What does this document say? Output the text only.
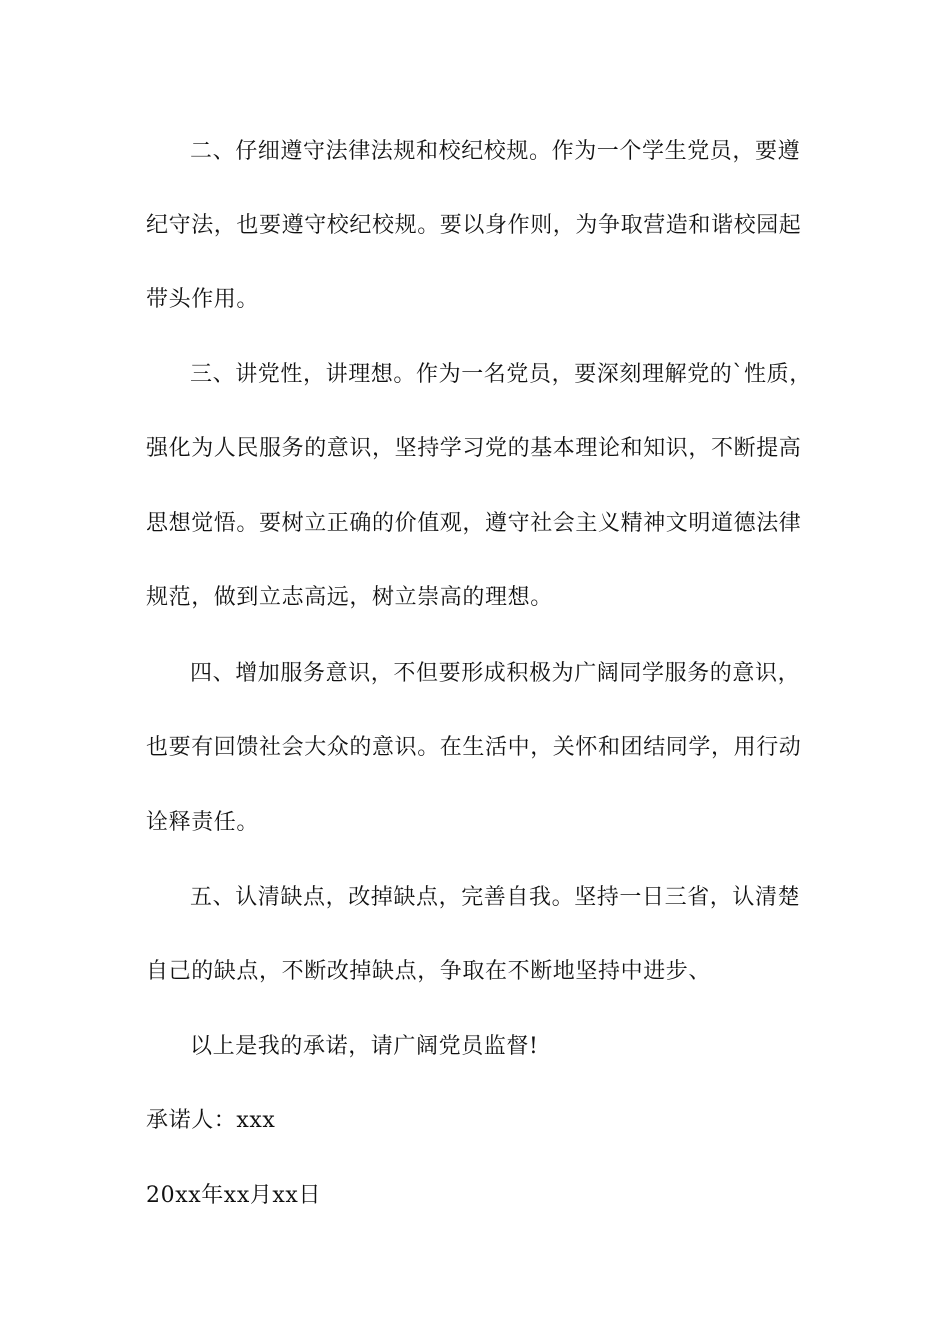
二、仔细遵守法律法规和校纪校规。作为一个学生党员，要遵
纪守法，也要遵守校纪校规。要以身作则，为争取营造和谐校园起
带头作用。
三、讲党性，讲理想。作为一名党员，要深刻理解党的`性质，
强化为人民服务的意识，坚持学习党的基本理论和知识，不断提高
思想觉悟。要树立正确的价值观，遵守社会主义精神文明道德法律
规范，做到立志高远，树立崇高的理想。
四、增加服务意识，不但要形成积极为广阔同学服务的意识，
也要有回馈社会大众的意识。在生活中，关怀和团结同学，用行动
诠释责任。
五、认清缺点，改掉缺点，完善自我。坚持一日三省，认清楚
自己的缺点，不断改掉缺点，争取在不断地坚持中进步、
以上是我的承诺，请广阔党员监督!
承诺人：xxx
20xx年xx月xx日
